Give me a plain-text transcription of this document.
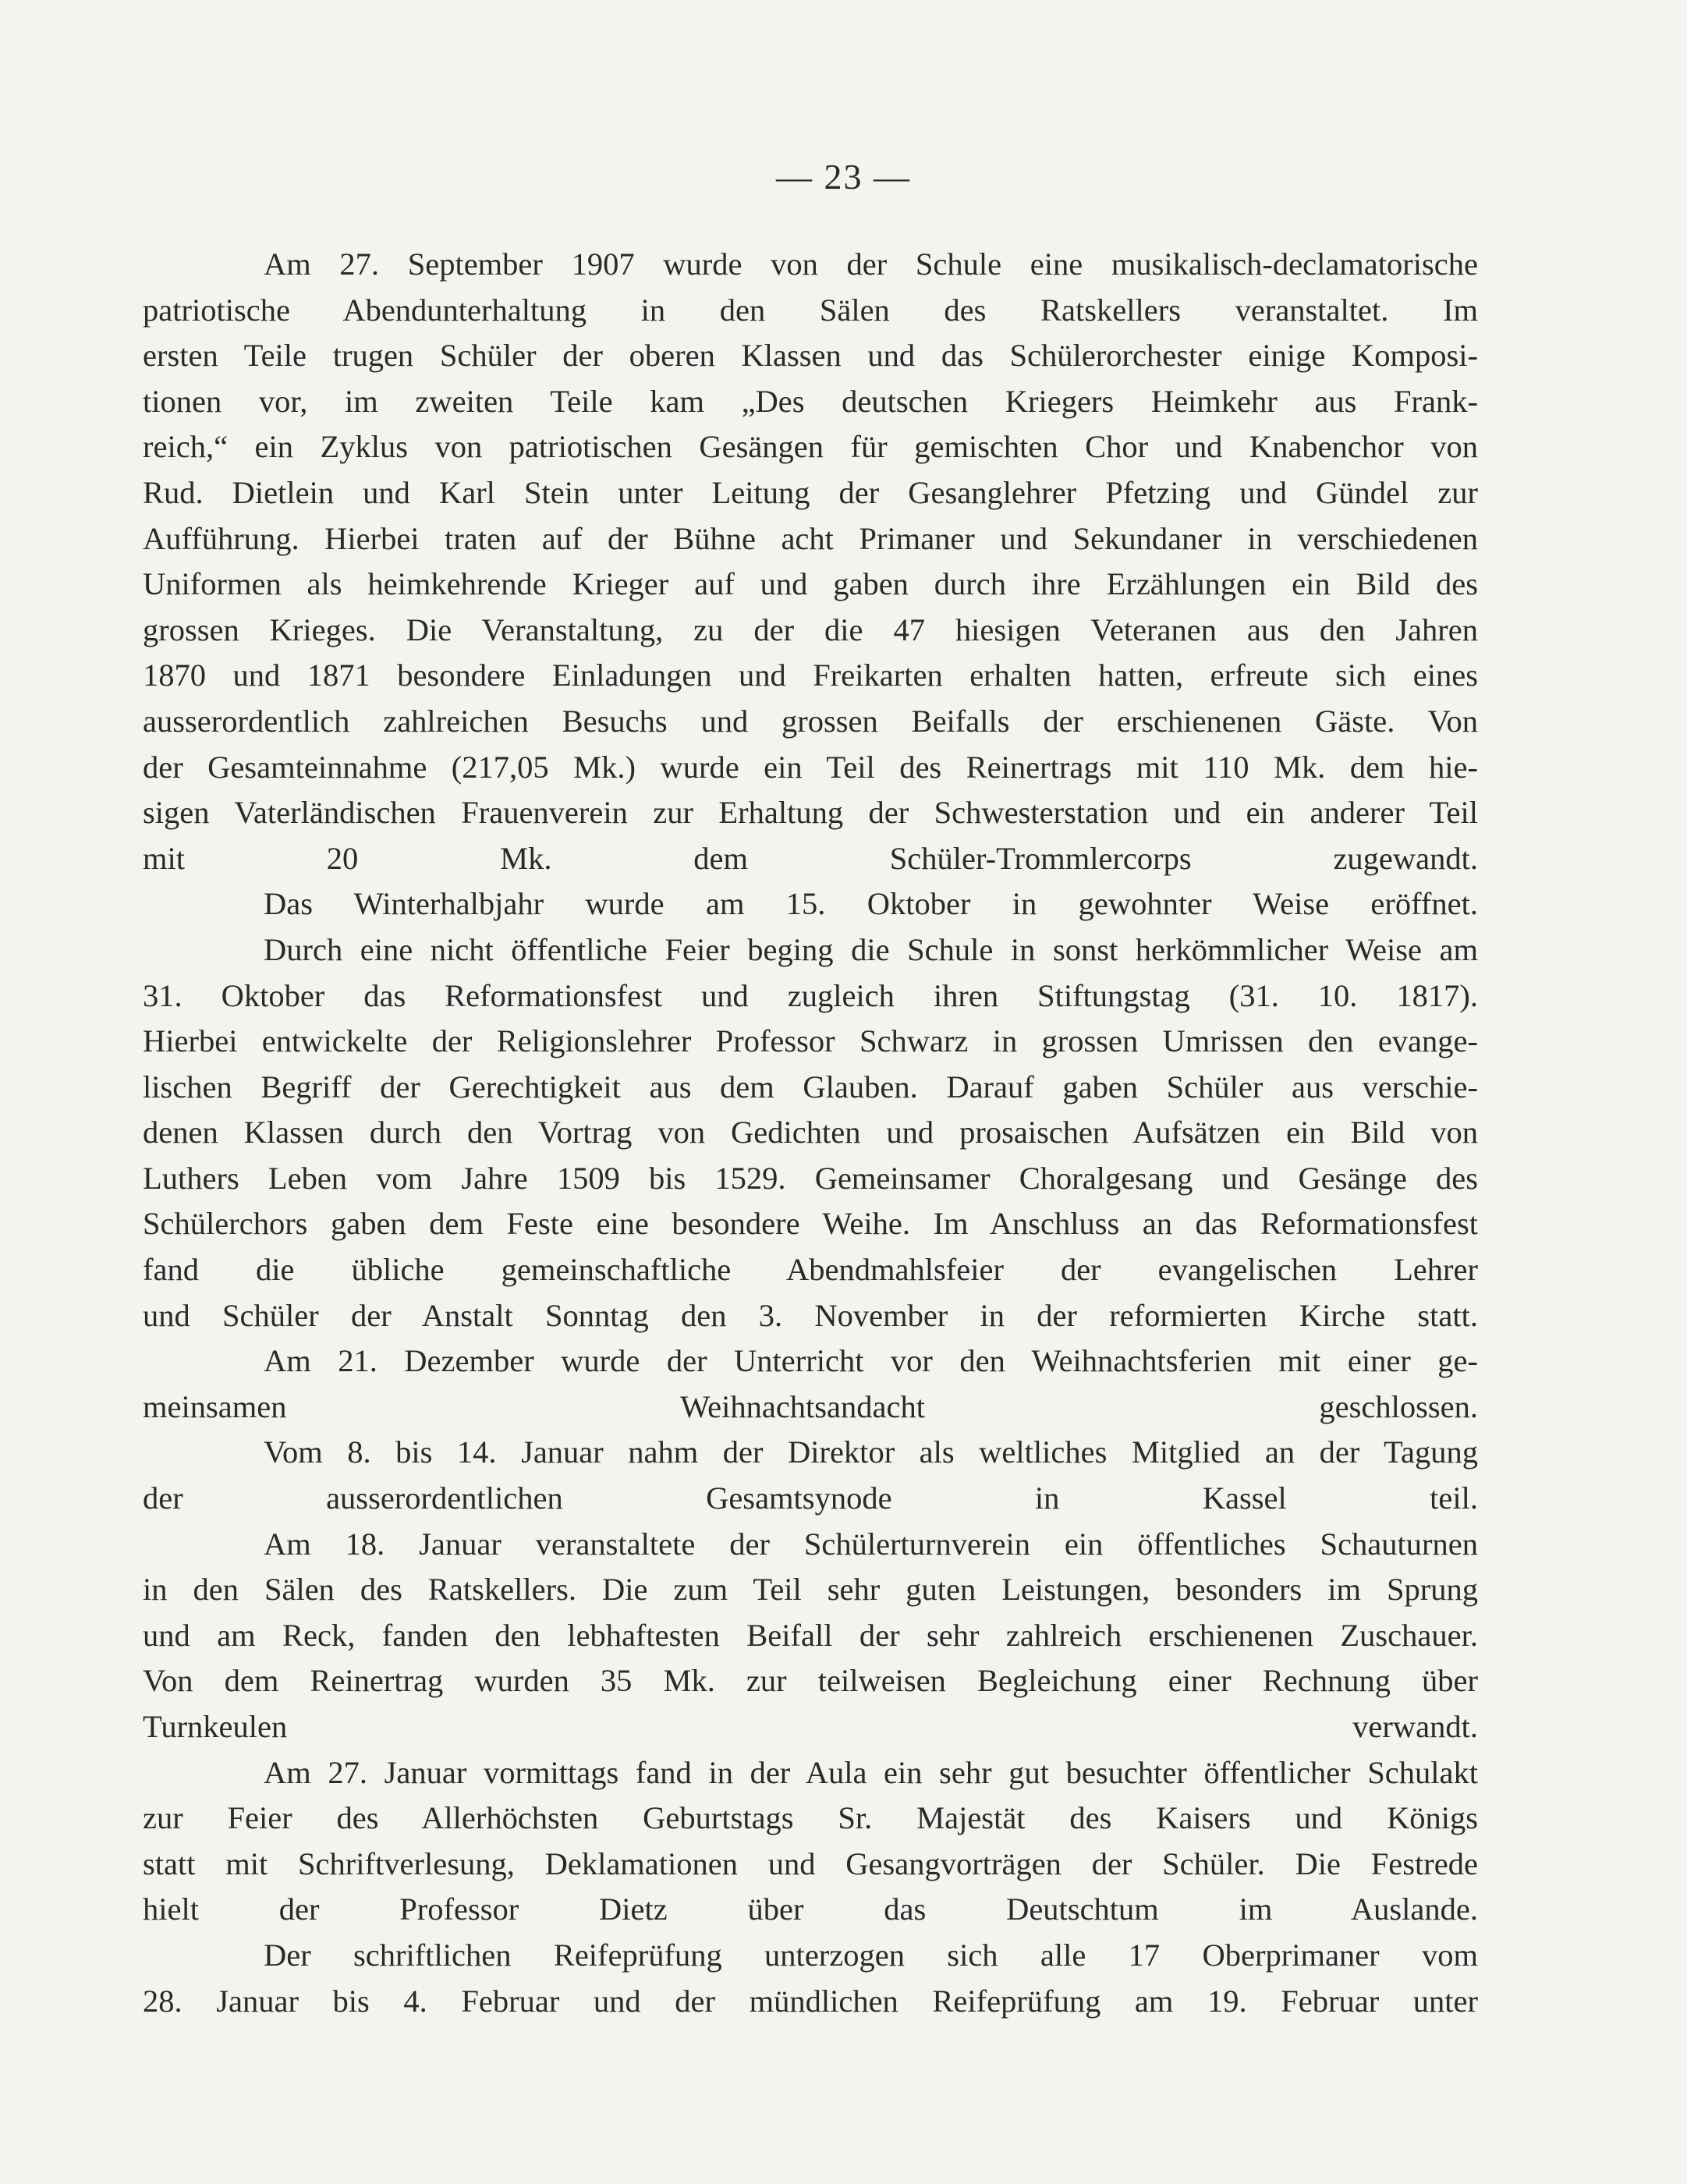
— 23 —
Am 27. September 1907 wurde von der Schule eine musikalisch-declamatorische
patriotische Abendunterhaltung in den Sälen des Ratskellers veranstaltet. Im
ersten Teile trugen Schüler der oberen Klassen und das Schülerorchester einige Komposi-
tionen vor, im zweiten Teile kam „Des deutschen Kriegers Heimkehr aus Frank-
reich,“ ein Zyklus von patriotischen Gesängen für gemischten Chor und Knabenchor von
Rud. Dietlein und Karl Stein unter Leitung der Gesanglehrer Pfetzing und Gündel zur
Aufführung. Hierbei traten auf der Bühne acht Primaner und Sekundaner in verschiedenen
Uniformen als heimkehrende Krieger auf und gaben durch ihre Erzählungen ein Bild des
grossen Krieges. Die Veranstaltung, zu der die 47 hiesigen Veteranen aus den Jahren
1870 und 1871 besondere Einladungen und Freikarten erhalten hatten, erfreute sich eines
ausserordentlich zahlreichen Besuchs und grossen Beifalls der erschienenen Gäste. Von
der Gesamteinnahme (217,05 Mk.) wurde ein Teil des Reinertrags mit 110 Mk. dem hie-
sigen Vaterländischen Frauenverein zur Erhaltung der Schwesterstation und ein anderer Teil
mit 20 Mk. dem Schüler-Trommlercorps zugewandt.
Das Winterhalbjahr wurde am 15. Oktober in gewohnter Weise eröffnet.
Durch eine nicht öffentliche Feier beging die Schule in sonst herkömmlicher Weise am
31. Oktober das Reformationsfest und zugleich ihren Stiftungstag (31. 10. 1817).
Hierbei entwickelte der Religionslehrer Professor Schwarz in grossen Umrissen den evange-
lischen Begriff der Gerechtigkeit aus dem Glauben. Darauf gaben Schüler aus verschie-
denen Klassen durch den Vortrag von Gedichten und prosaischen Aufsätzen ein Bild von
Luthers Leben vom Jahre 1509 bis 1529. Gemeinsamer Choralgesang und Gesänge des
Schülerchors gaben dem Feste eine besondere Weihe. Im Anschluss an das Reformationsfest
fand die übliche gemeinschaftliche Abendmahlsfeier der evangelischen Lehrer
und Schüler der Anstalt Sonntag den 3. November in der reformierten Kirche statt.
Am 21. Dezember wurde der Unterricht vor den Weihnachtsferien mit einer ge-
meinsamen Weihnachtsandacht geschlossen.
Vom 8. bis 14. Januar nahm der Direktor als weltliches Mitglied an der Tagung
der ausserordentlichen Gesamtsynode in Kassel teil.
Am 18. Januar veranstaltete der Schülerturnverein ein öffentliches Schauturnen
in den Sälen des Ratskellers. Die zum Teil sehr guten Leistungen, besonders im Sprung
und am Reck, fanden den lebhaftesten Beifall der sehr zahlreich erschienenen Zuschauer.
Von dem Reinertrag wurden 35 Mk. zur teilweisen Begleichung einer Rechnung über
Turnkeulen verwandt.
Am 27. Januar vormittags fand in der Aula ein sehr gut besuchter öffentlicher Schulakt
zur Feier des Allerhöchsten Geburtstags Sr. Majestät des Kaisers und Königs
statt mit Schriftverlesung, Deklamationen und Gesangvorträgen der Schüler. Die Festrede
hielt der Professor Dietz über das Deutschtum im Auslande.
Der schriftlichen Reifeprüfung unterzogen sich alle 17 Oberprimaner vom
28. Januar bis 4. Februar und der mündlichen Reifeprüfung am 19. Februar unter
